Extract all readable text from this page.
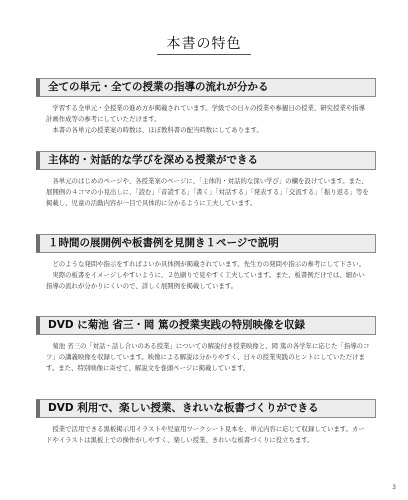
本書の特色
全ての単元・全ての授業の指導の流れが分かる

学習する全単元・全授業の進め方が掲載されています。学級での日々の授業や参観日の授業、研究授業や指導計画作成等の参考にしていただけます。

本書の各単元の授業案の時数は、ほぼ教科書の配当時数にしてあります。

主体的・対話的な学びを深める授業ができる

各単元のはじめのページや、各授業案のページに、「主体的・対話的な深い学び」の欄を設けています。また、展開例の４コマの小見出しに、「読む」「音読する」「書く」「対話する」「発表する」「交流する」「振り返る」等を掲載し、児童の活動内容が一目で具体的に分かるように工夫しています。

１時間の展開例や板書例を見開き１ページで説明

どのような発問や指示をすればよいか具体例が掲載されています。先生方の発問や指示の参考にして下さい。

実際の板書をイメージしやすいように、２色刷りで見やすく工夫しています。また、板書例だけでは、細かい指導の流れが分かりにくいので、詳しく展開例を掲載しています。

DVD に菊池 省三・岡 篤の授業実践の特別映像を収録

菊池 省三の「対話・話し合いのある授業」についての解説付き授業映像と、岡 篤の各学年に応じた「指導のコツ」の講義映像を収録しています。映像による解説は分かりやすく、日々の授業実践のヒントにしていただけます。また、特別映像に寄せて、解説文を巻頭ページに掲載しています。

DVD 利用で、楽しい授業、きれいな板書づくりができる

授業で活用できる黒板掲示用イラストや児童用ワークシート見本を、単元内容に応じて収録しています。カードやイラストは黒板上での操作がしやすく、楽しい授業、きれいな板書づくりに役立ちます。

3
